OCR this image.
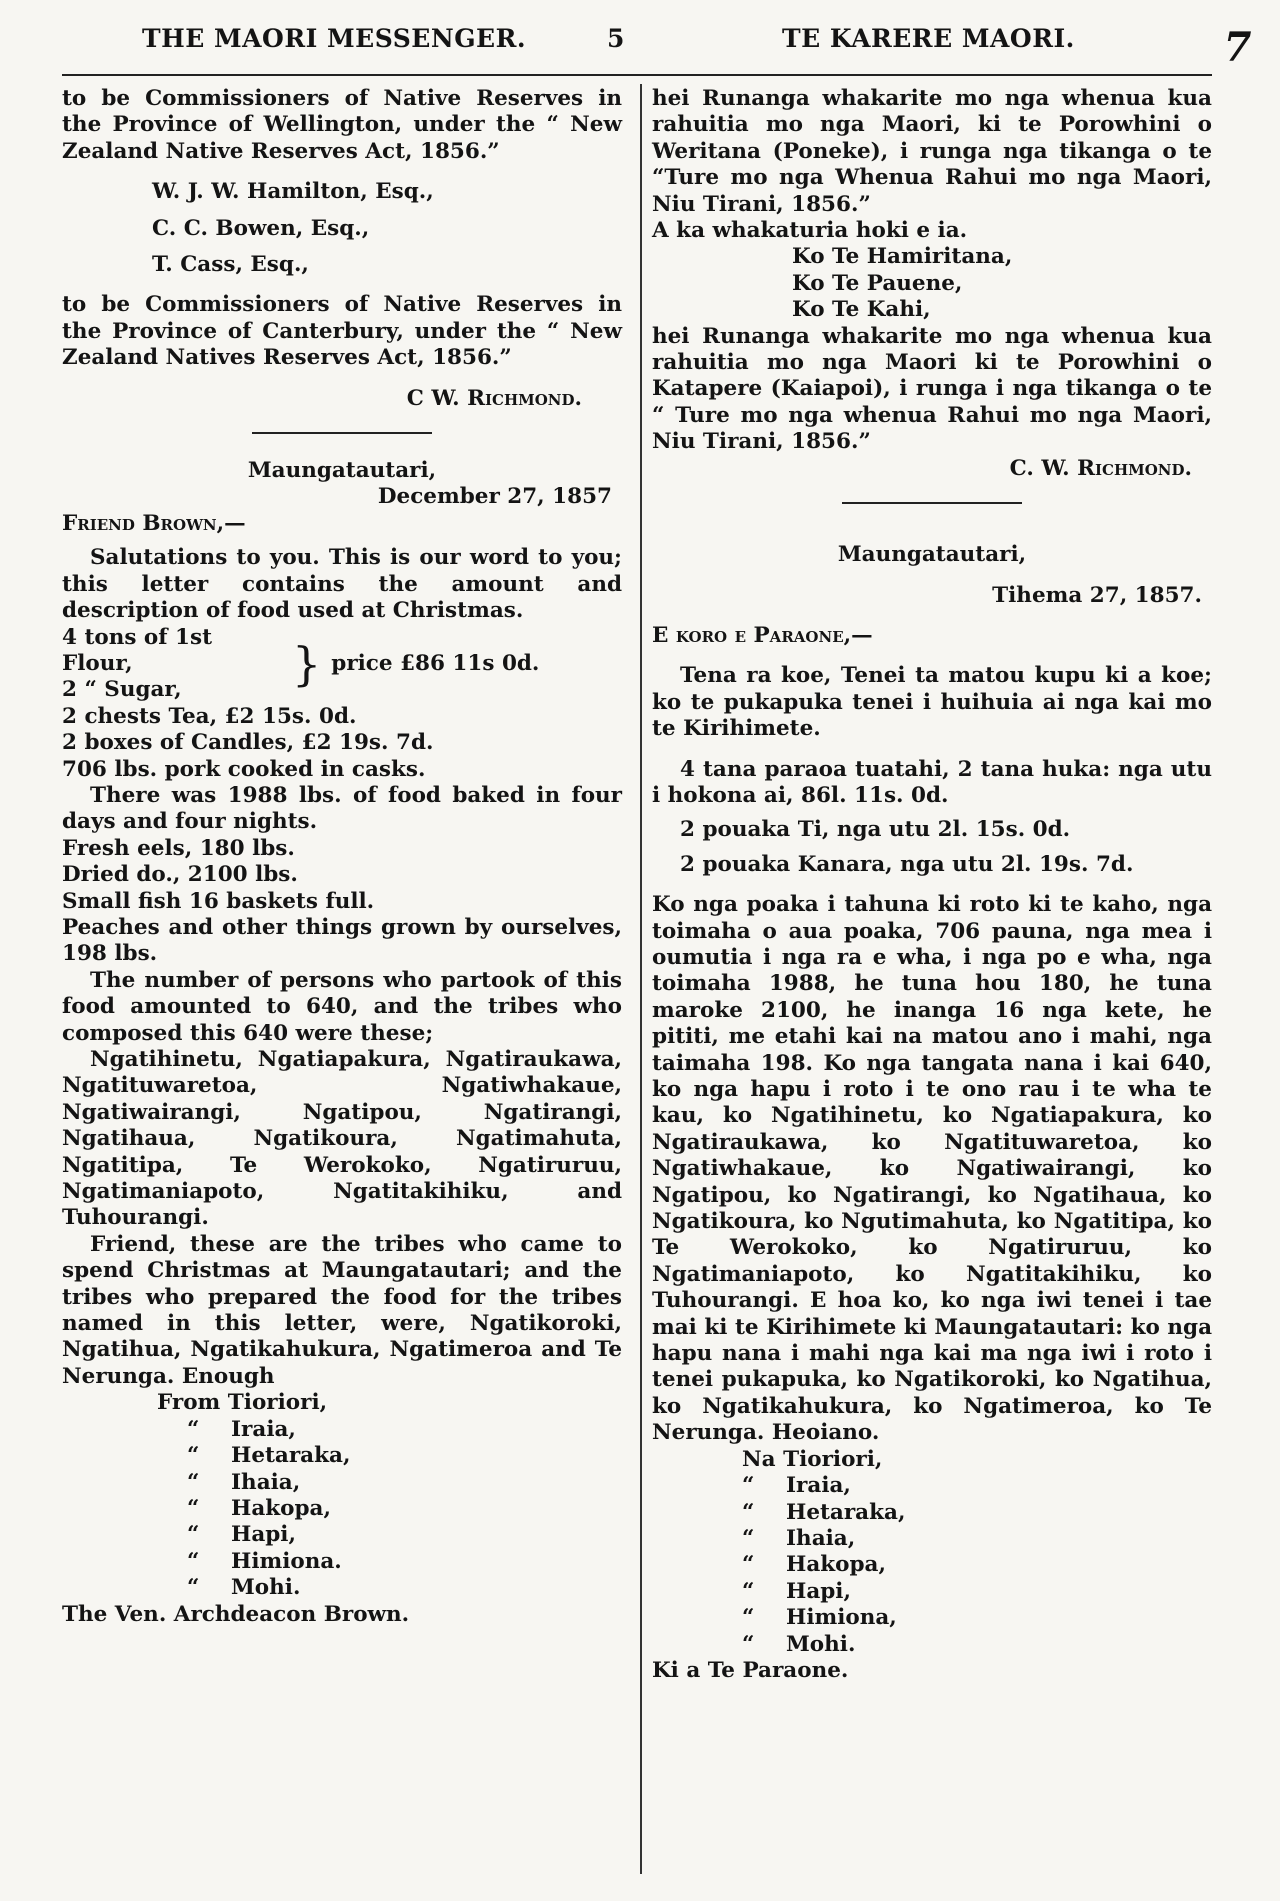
THE MAORI MESSENGER.	5	TE KARERE MAORI.	7

to be Commissioners of Native Reserves in the Province of Wellington, under the “ New Zealand Native Reserves Act, 1856.”

W. J. W. Hamilton, Esq.,

C. C. Bowen, Esq.,

T. Cass, Esq.,

to be Commissioners of Native Reserves in the Province of Canterbury, under the “ New Zealand Natives Reserves Act, 1856.”

C W. Richmond.

Maungatautari,

December 27, 1857

Friend Brown,—

Salutations to you. This is our word to you; this letter contains the amount and description of food used at Christmas.

4 tons of 1st Flour,

2 “ Sugar,	} price £86 11s 0d.

2 chests Tea, £2 15s. 0d.

2 boxes of Candles, £2 19s. 7d.

706 lbs. pork cooked in casks.

There was 1988 lbs. of food baked in four days and four nights.

Fresh eels, 180 lbs.

Dried do., 2100 lbs.

Small fish 16 baskets full.

Peaches and other things grown by ourselves, 198 lbs.

The number of persons who partook of this food amounted to 640, and the tribes who composed this 640 were these;

Ngatihinetu, Ngatiapakura, Ngatiraukawa, Ngatituwaretoa, Ngatiwhakaue, Ngatiwairangi, Ngatipou, Ngatirangi, Ngatihaua, Ngatikoura, Ngatimahuta, Ngatitipa, Te Werokoko, Ngatiruruu, Ngatimaniapoto, Ngatitakihiku, and Tuhourangi.

Friend, these are the tribes who came to spend Christmas at Maungatautari; and the tribes who prepared the food for the tribes named in this letter, were, Ngatikoroki, Ngatihua, Ngatikahukura, Ngatimeroa and Te Nerunga. Enough

From Tioriori,

“ Iraia,

“ Hetaraka,

“ Ihaia,

“ Hakopa,

“ Hapi,

“ Himiona.

“ Mohi.

The Ven. Archdeacon Brown.

hei Runanga whakarite mo nga whenua kua rahuitia mo nga Maori, ki te Porowhini o Weritana (Poneke), i runga nga tikanga o te “Ture mo nga Whenua Rahui mo nga Maori, Niu Tirani, 1856.”

A ka whakaturia hoki e ia.

Ko Te Hamiritana,

Ko Te Pauene,

Ko Te Kahi,

hei Runanga whakarite mo nga whenua kua rahuitia mo nga Maori ki te Porowhini o Katapere (Kaiapoi), i runga i nga tikanga o te “ Ture mo nga whenua Rahui mo nga Maori, Niu Tirani, 1856.”

C. W. Richmond.

Maungatautari,

Tihema 27, 1857.

E koro e Paraone,—

Tena ra koe, Tenei ta matou kupu ki a koe; ko te pukapuka tenei i huihuia ai nga kai mo te Kirihimete.

4 tana paraoa tuatahi, 2 tana huka: nga utu i hokona ai, 86l. 11s. 0d.

2 pouaka Ti, nga utu 2l. 15s. 0d.

2 pouaka Kanara, nga utu 2l. 19s. 7d.

Ko nga poaka i tahuna ki roto ki te kaho, nga toimaha o aua poaka, 706 pauna, nga mea i oumutia i nga ra e wha, i nga po e wha, nga toimaha 1988, he tuna hou 180, he tuna maroke 2100, he inanga 16 nga kete, he pititi, me etahi kai na matou ano i mahi, nga taimaha 198. Ko nga tangata nana i kai 640, ko nga hapu i roto i te ono rau i te wha te kau, ko Ngatihinetu, ko Ngatiapakura, ko Ngatiraukawa, ko Ngatituwaretoa, ko Ngatiwhakaue, ko Ngatiwairangi, ko Ngatipou, ko Ngatirangi, ko Ngatihaua, ko Ngatikoura, ko Ngutimahuta, ko Ngatitipa, ko Te Werokoko, ko Ngatiruruu, ko Ngatimaniapoto, ko Ngatitakihiku, ko Tuhourangi. E hoa ko, ko nga iwi tenei i tae mai ki te Kirihimete ki Maungatautari: ko nga hapu nana i mahi nga kai ma nga iwi i roto i tenei pukapuka, ko Ngatikoroki, ko Ngatihua, ko Ngatikahukura, ko Ngatimeroa, ko Te Nerunga. Heoiano.

Na Tioriori,

“ Iraia,

“ Hetaraka,

“ Ihaia,

“ Hakopa,

“ Hapi,

“ Himiona,

“ Mohi.

Ki a Te Paraone.
